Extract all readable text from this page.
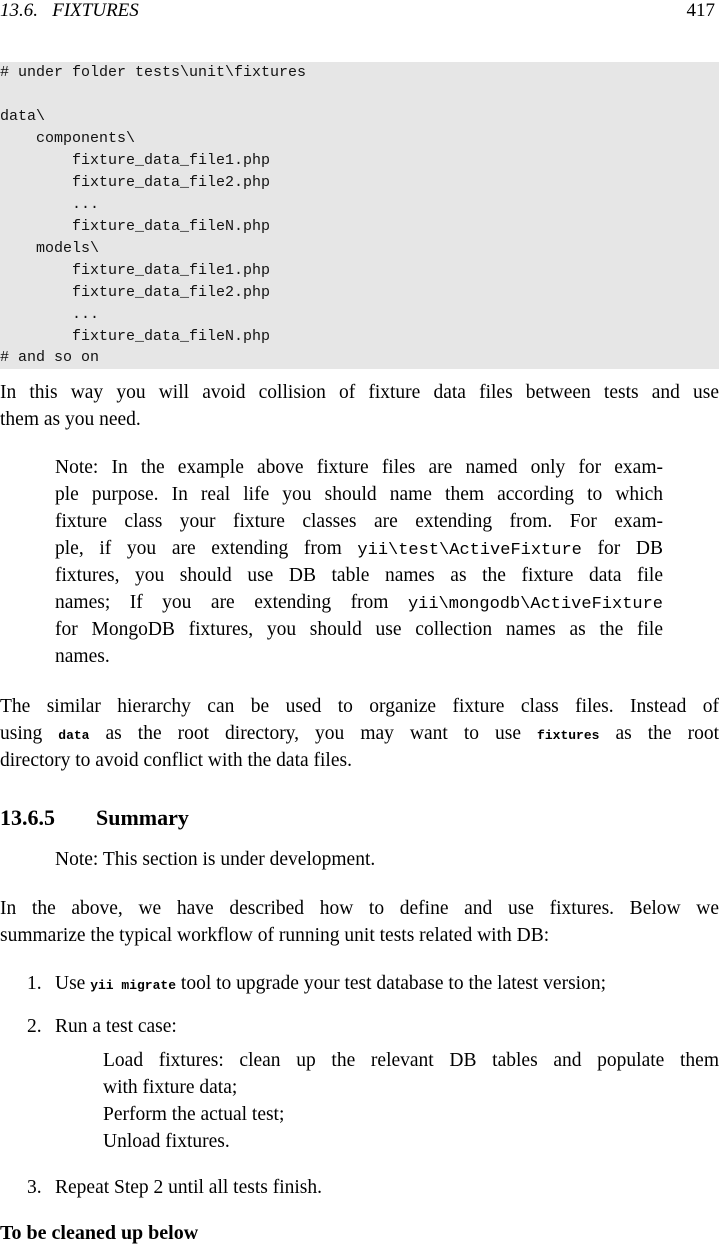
13.6.   FIXTURES	417
# under folder tests\unit\fixtures
data\
components\
fixture_data_file1.php
fixture_data_file2.php
...
fixture_data_fileN.php
models\
fixture_data_file1.php
fixture_data_file2.php
...
fixture_data_fileN.php
# and so on
In this way you will avoid collision of fixture data files between tests and use
them as you need.
Note: In the example above fixture files are named only for exam-
ple purpose. In real life you should name them according to which
fixture class your fixture classes are extending from. For exam-
ple, if you are extending from yii\test\ActiveFixture for DB
fixtures, you should use DB table names as the fixture data file
names; If you are extending from yii\mongodb\ActiveFixture
for MongoDB fixtures, you should use collection names as the file
names.
The similar hierarchy can be used to organize fixture class files. Instead of
using data as the root directory, you may want to use fixtures as the root
directory to avoid conflict with the data files.
13.6.5 Summary
Note: This section is under development.
In the above, we have described how to define and use fixtures. Below we
summarize the typical workflow of running unit tests related with DB:
1. Use yii migrate tool to upgrade your test database to the latest version;
2. Run a test case:
Load fixtures: clean up the relevant DB tables and populate them
with fixture data;
Perform the actual test;
Unload fixtures.
3. Repeat Step 2 until all tests finish.
To be cleaned up below
